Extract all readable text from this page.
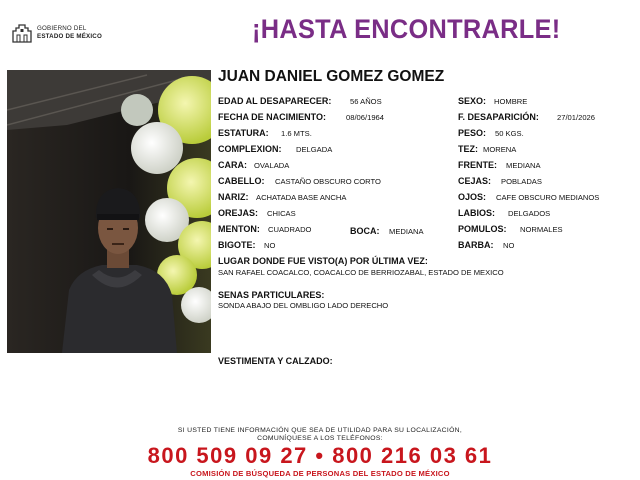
GOBIERNO DEL
ESTADO DE MÉXICO	¡HASTA ENCONTRARLE!
JUAN DANIEL GOMEZ GOMEZ
EDAD AL DESAPARECER: 56 AÑOS	SEXO: HOMBRE
FECHA DE NACIMIENTO:	08/06/1964	F. DESAPARICIÓN: 27/01/2026
ESTATURA: 1.6 MTS.	PESO: 50 KGS.
COMPLEXION: DELGADA	TEZ: MORENA
CARA: OVALADA	FRENTE: MEDIANA
CABELLO: CASTAÑO OBSCURO CORTO	CEJAS: POBLADAS
NARIZ: ACHATADA BASE ANCHA	OJOS: CAFE OBSCURO MEDIANOS
OREJAS: CHICAS	LABIOS: DELGADOS
MENTON: CUADRADO	BOCA: MEDIANA	POMULOS: NORMALES
BIGOTE: NO	BARBA: NO
LUGAR DONDE FUE VISTO(A) POR ÚLTIMA VEZ:
SAN RAFAEL COACALCO, COACALCO DE BERRIOZABAL, ESTADO DE MEXICO
SENAS PARTICULARES:
SONDA ABAJO DEL OMBLIGO LADO DERECHO
VESTIMENTA Y CALZADO:
SI USTED TIENE INFORMACIÓN QUE SEA DE UTILIDAD PARA SU LOCALIZACIÓN,
COMUNÍQUESE A LOS TELÉFONOS:
800 509 09 27 • 800 216 03 61
COMISIÓN DE BÚSQUEDA DE PERSONAS DEL ESTADO DE MÉXICO
